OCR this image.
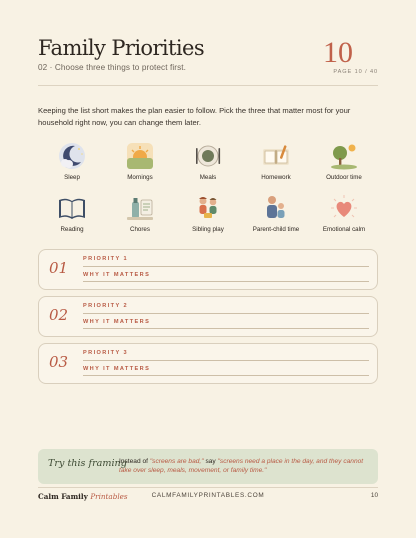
Family Priorities
02 · Choose three things to protect first.	10
PAGE 10 / 40

Keeping the list short makes the plan easier to follow. Pick the three that matter most for your household right now, you can change them later.

Sleep	Mornings	Meals	Homework	Outdoor time
Reading	Chores	Sibling play	Parent-child time	Emotional calm
01	PRIORITY 1
WHY IT MATTERS
02	PRIORITY 2
WHY IT MATTERS
03	PRIORITY 3
WHY IT MATTERS
Try this framing

Instead of "screens are bad," say "screens need a place in the day, and they cannot take over sleep, meals, movement, or family time."

Calm Family Printables	CALMFAMILYPRINTABLES.COM	10
